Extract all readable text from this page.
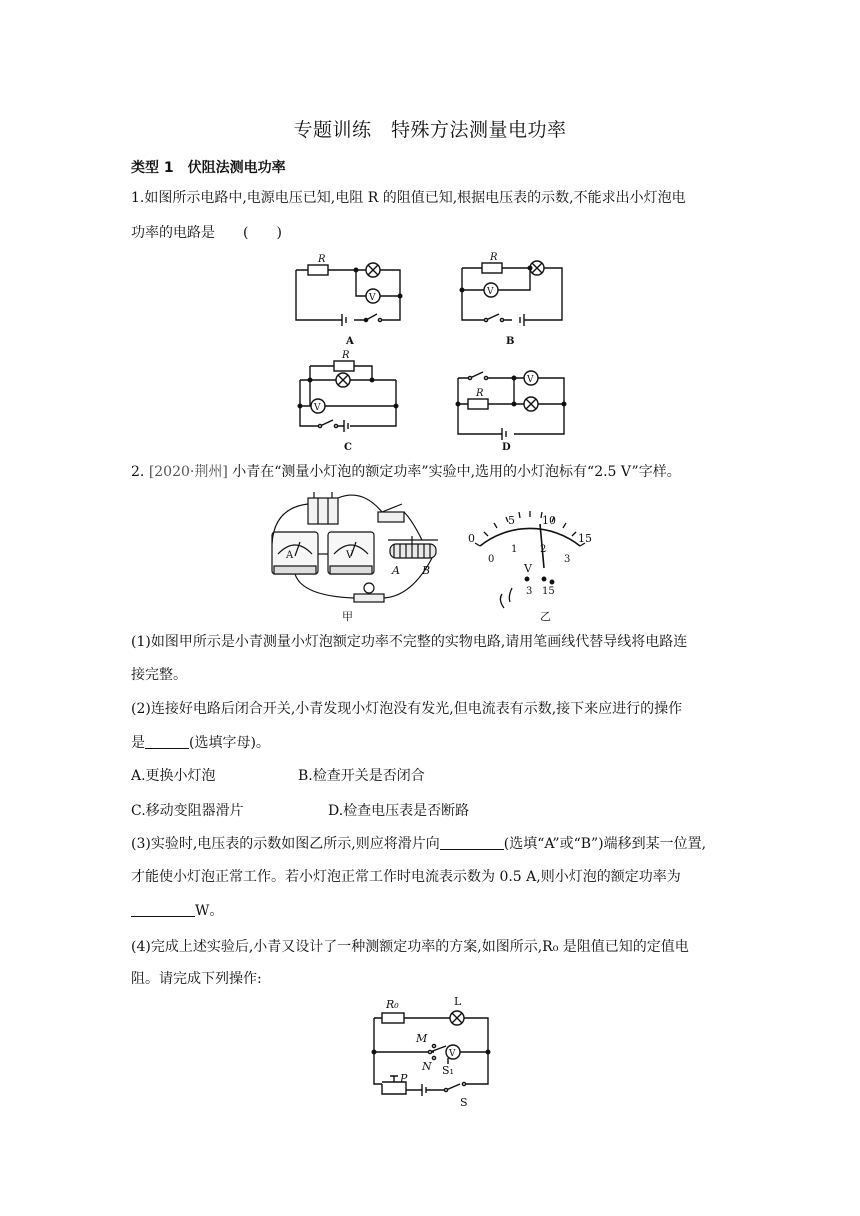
专题训练　特殊方法测量电功率
类型 1　伏阻法测电功率
1.如图所示电路中,电源电压已知,电阻 R 的阻值已知,根据电压表的示数,不能求出小灯泡电
功率的电路是　　(　　)
R
V
A
R
V
B
R
V
C
R
V
D
2. [2020·荆州] 小青在“测量小灯泡的额定功率”实验中,选用的小灯泡标有“2.5 V”字样。
A	V
A B
甲
0
5 10
15
0
1 2
3
V
3 15
乙
(1)如图甲所示是小青测量小灯泡额定功率不完整的实物电路,请用笔画线代替导线将电路连
接完整。
(2)连接好电路后闭合开关,小青发现小灯泡没有发光,但电流表有示数,接下来应进行的操作
是	(选填字母)。
A.更换小灯泡	B.检查开关是否闭合
C.移动变阻器滑片	D.检查电压表是否断路
(3)实验时,电压表的示数如图乙所示,则应将滑片向	(选填“A”或“B”)端移到某一位置,
才能使小灯泡正常工作。若小灯泡正常工作时电流表示数为 0.5 A,则小灯泡的额定功率为
W。
(4)完成上述实验后,小青又设计了一种测额定功率的方案,如图所示,R₀ 是阻值已知的定值电
阻。请完成下列操作:
R₀	L
M
N S₁
V
P
S
